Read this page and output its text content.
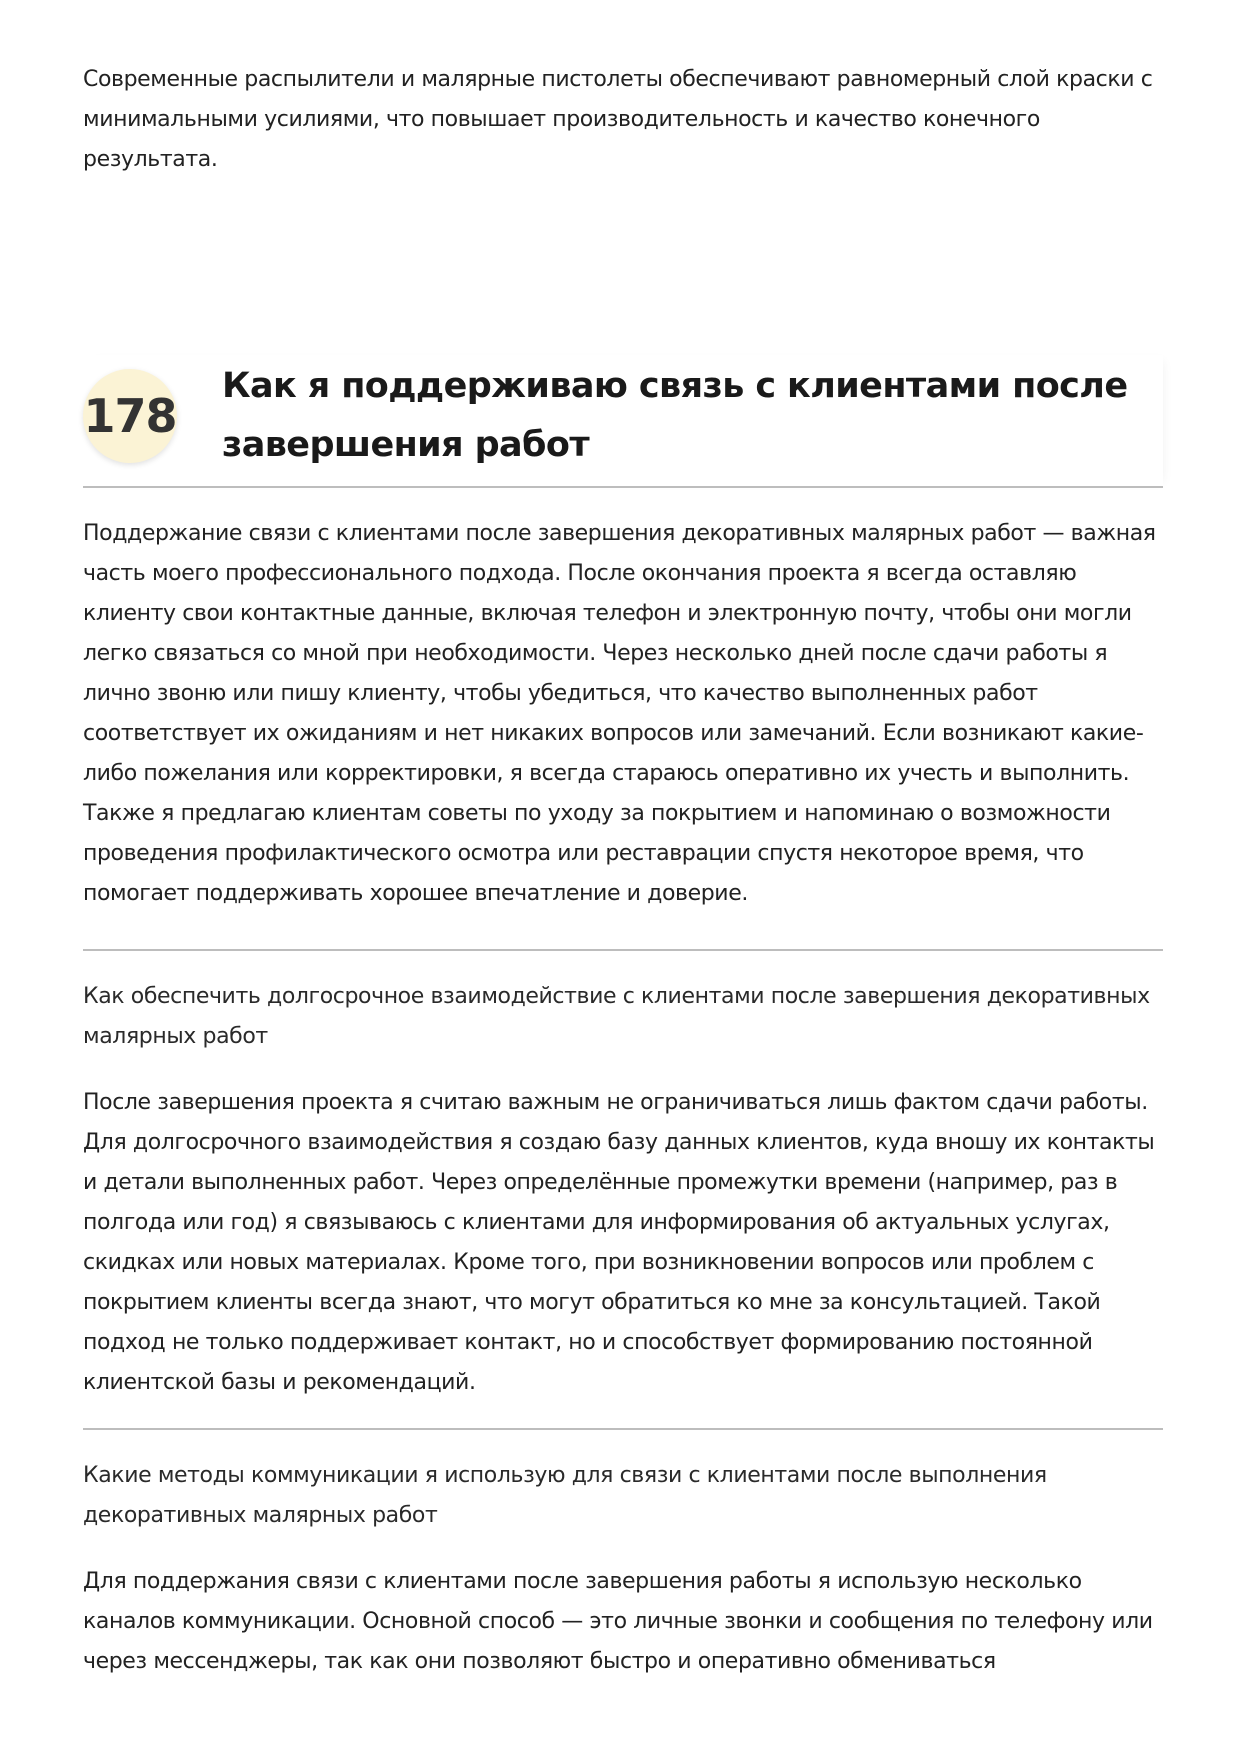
Современные распылители и малярные пистолеты обеспечивают равномерный слой краски с минимальными усилиями, что повышает производительность и качество конечного результата.

178
Как я поддерживаю связь с клиентами после завершения работ

Поддержание связи с клиентами после завершения декоративных малярных работ — важная часть моего профессионального подхода. После окончания проекта я всегда оставляю клиенту свои контактные данные, включая телефон и электронную почту, чтобы они могли легко связаться со мной при необходимости. Через несколько дней после сдачи работы я лично звоню или пишу клиенту, чтобы убедиться, что качество выполненных работ соответствует их ожиданиям и нет никаких вопросов или замечаний. Если возникают какие-либо пожелания или корректировки, я всегда стараюсь оперативно их учесть и выполнить. Также я предлагаю клиентам советы по уходу за покрытием и напоминаю о возможности проведения профилактического осмотра или реставрации спустя некоторое время, что помогает поддерживать хорошее впечатление и доверие.

Как обеспечить долгосрочное взаимодействие с клиентами после завершения декоративных малярных работ

После завершения проекта я считаю важным не ограничиваться лишь фактом сдачи работы. Для долгосрочного взаимодействия я создаю базу данных клиентов, куда вношу их контакты и детали выполненных работ. Через определённые промежутки времени (например, раз в полгода или год) я связываюсь с клиентами для информирования об актуальных услугах, скидках или новых материалах. Кроме того, при возникновении вопросов или проблем с покрытием клиенты всегда знают, что могут обратиться ко мне за консультацией. Такой подход не только поддерживает контакт, но и способствует формированию постоянной клиентской базы и рекомендаций.

Какие методы коммуникации я использую для связи с клиентами после выполнения декоративных малярных работ

Для поддержания связи с клиентами после завершения работы я использую несколько каналов коммуникации. Основной способ — это личные звонки и сообщения по телефону или через мессенджеры, так как они позволяют быстро и оперативно обмениваться
